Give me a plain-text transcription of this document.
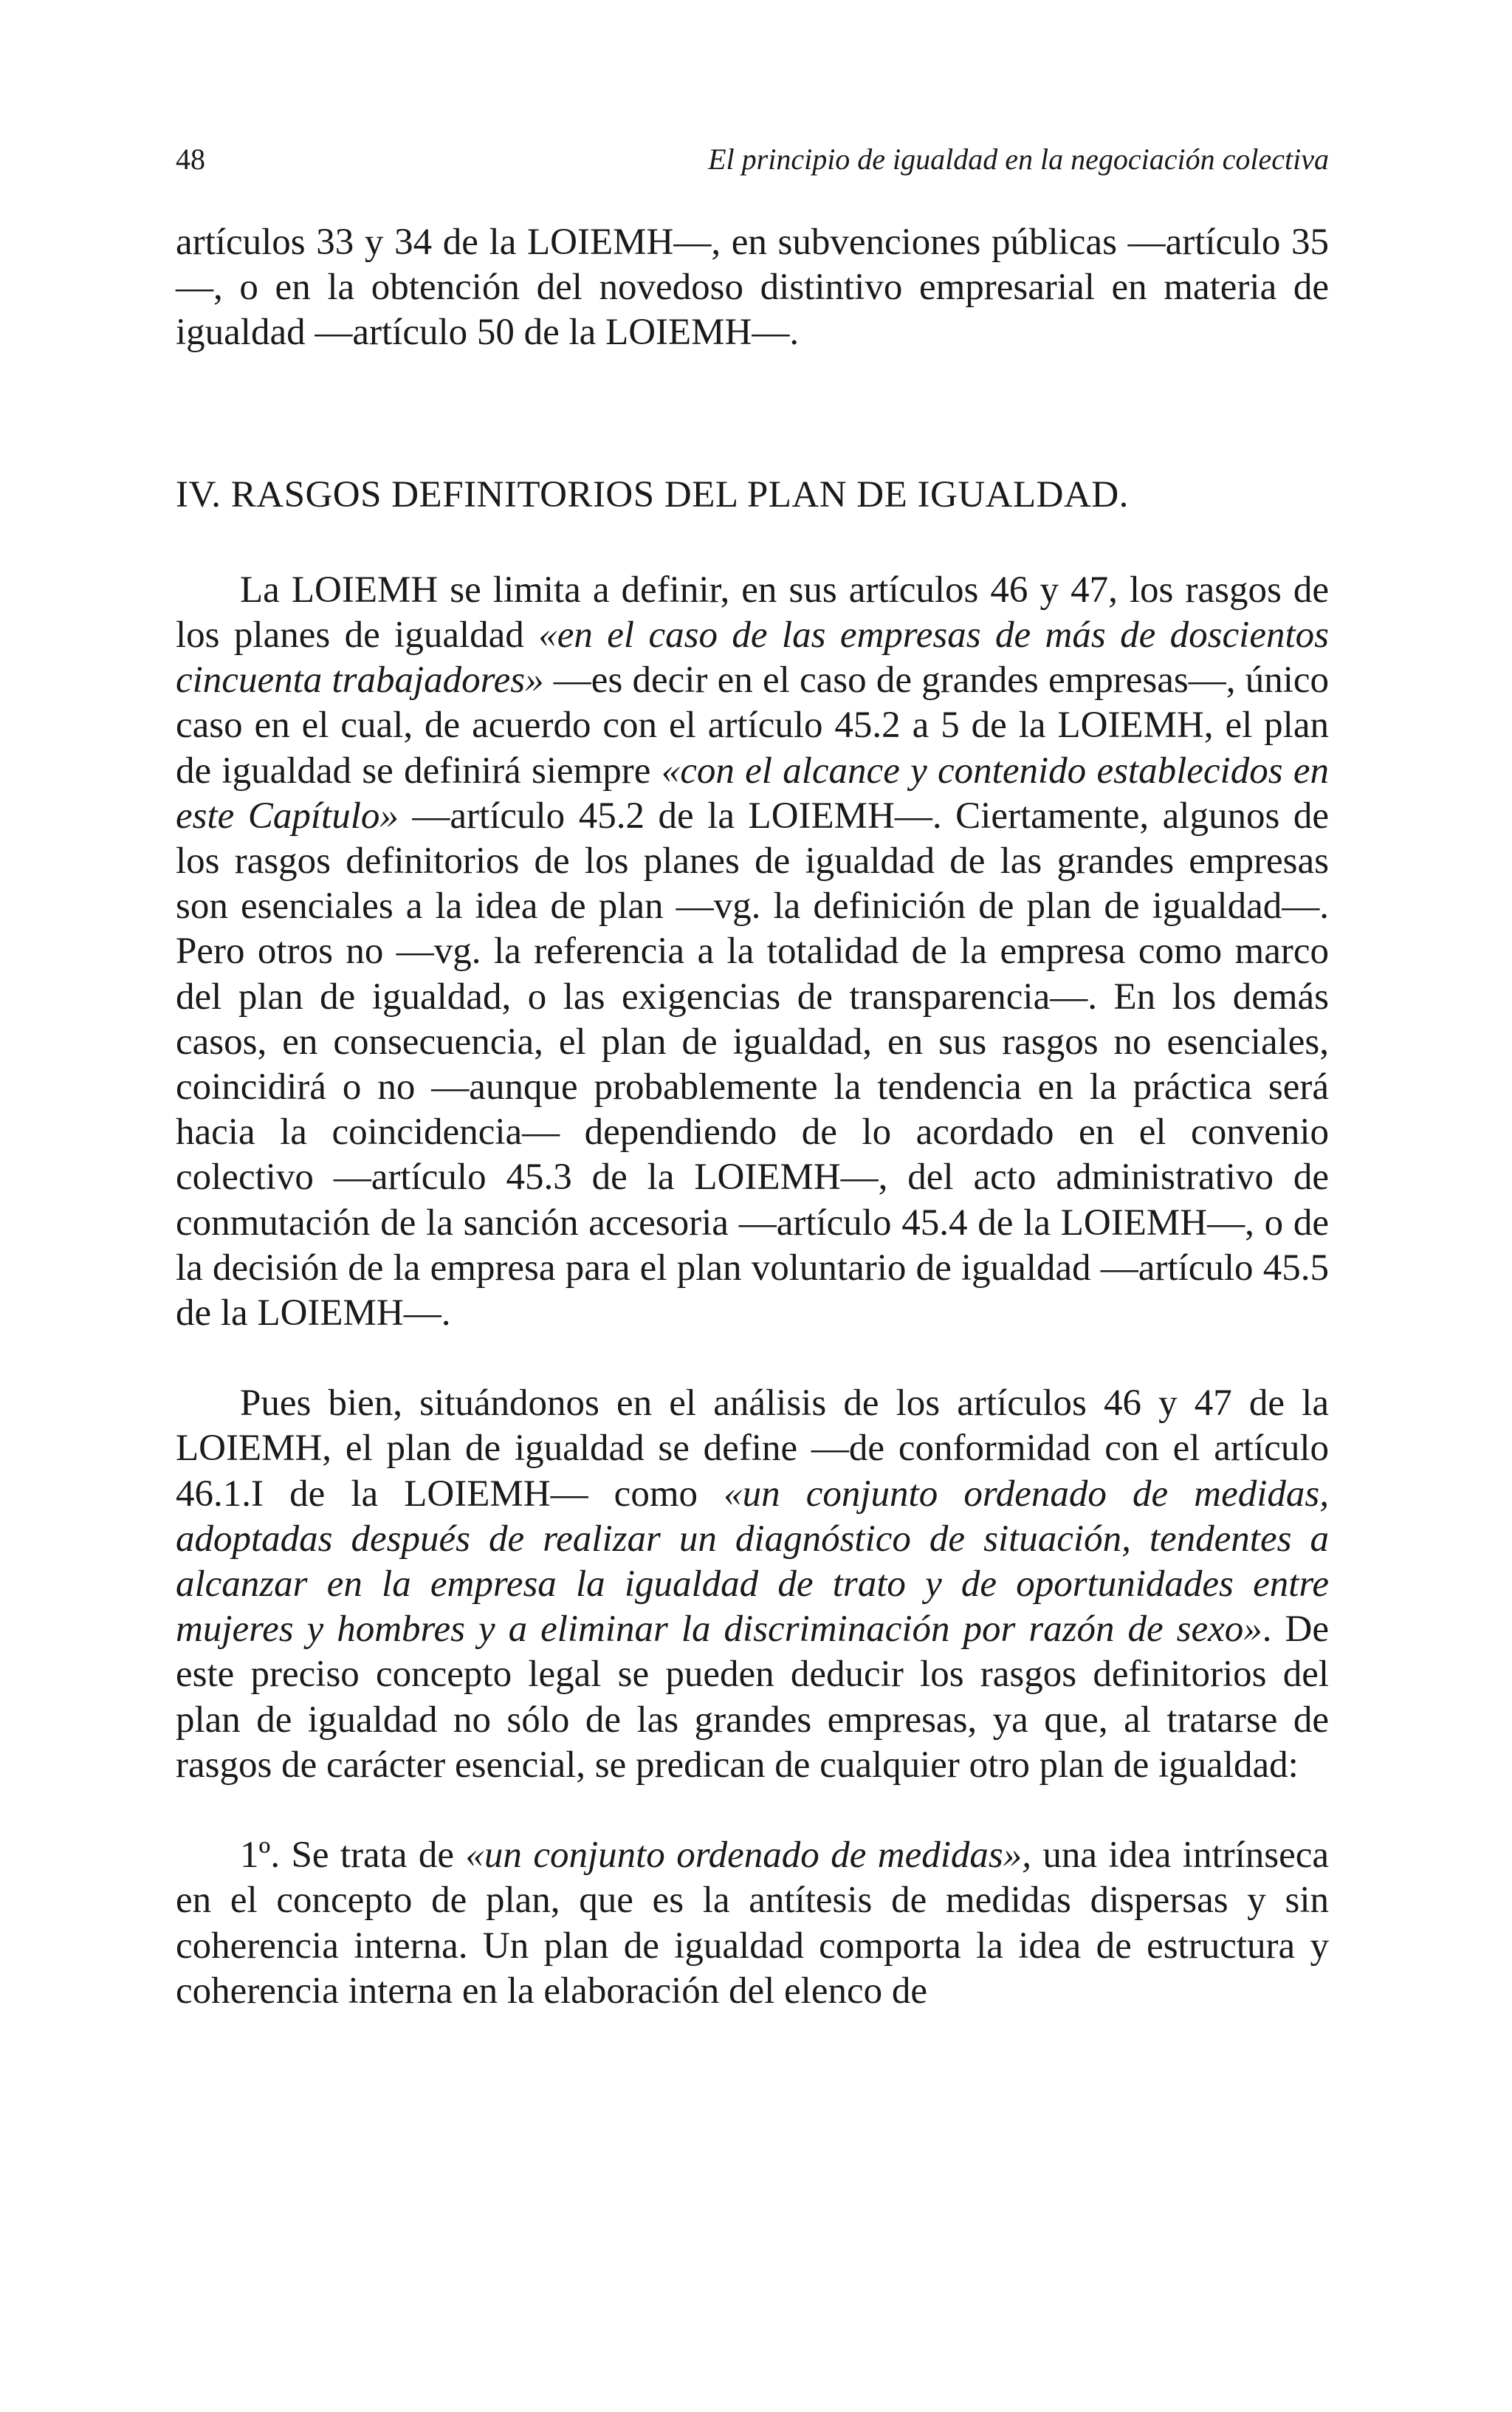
48	El principio de igualdad en la negociación colectiva

artículos 33 y 34 de la LOIEMH—, en subvenciones públicas —artículo 35—, o en la obtención del novedoso distintivo empresarial en materia de igualdad —artículo 50 de la LOIEMH—.

IV. RASGOS DEFINITORIOS DEL PLAN DE IGUALDAD.

La LOIEMH se limita a definir, en sus artículos 46 y 47, los rasgos de los planes de igualdad «en el caso de las empresas de más de doscientos cincuenta trabajadores» —es decir en el caso de grandes empresas—, único caso en el cual, de acuerdo con el artículo 45.2 a 5 de la LOIEMH, el plan de igualdad se definirá siempre «con el alcance y contenido establecidos en este Capítulo» —artículo 45.2 de la LOIEMH—. Ciertamente, algunos de los rasgos definitorios de los planes de igualdad de las grandes empresas son esenciales a la idea de plan —vg. la definición de plan de igualdad—. Pero otros no —vg. la referencia a la totalidad de la empresa como marco del plan de igualdad, o las exigencias de transparencia—. En los demás casos, en consecuencia, el plan de igualdad, en sus rasgos no esenciales, coincidirá o no —aunque probablemente la tendencia en la práctica será hacia la coincidencia— dependiendo de lo acordado en el convenio colectivo —artículo 45.3 de la LOIEMH—, del acto administrativo de conmutación de la sanción accesoria —artículo 45.4 de la LOIEMH—, o de la decisión de la empresa para el plan voluntario de igualdad —artículo 45.5 de la LOIEMH—.

Pues bien, situándonos en el análisis de los artículos 46 y 47 de la LOIEMH, el plan de igualdad se define —de conformidad con el artículo 46.1.I de la LOIEMH— como «un conjunto ordenado de medidas, adoptadas después de realizar un diagnóstico de situación, tendentes a alcanzar en la empresa la igualdad de trato y de oportunidades entre mujeres y hombres y a eliminar la discriminación por razón de sexo». De este preciso concepto legal se pueden deducir los rasgos definitorios del plan de igualdad no sólo de las grandes empresas, ya que, al tratarse de rasgos de carácter esencial, se predican de cualquier otro plan de igualdad:

1º. Se trata de «un conjunto ordenado de medidas», una idea intrínseca en el concepto de plan, que es la antítesis de medidas dispersas y sin coherencia interna. Un plan de igualdad comporta la idea de estructura y coherencia interna en la elaboración del elenco de
